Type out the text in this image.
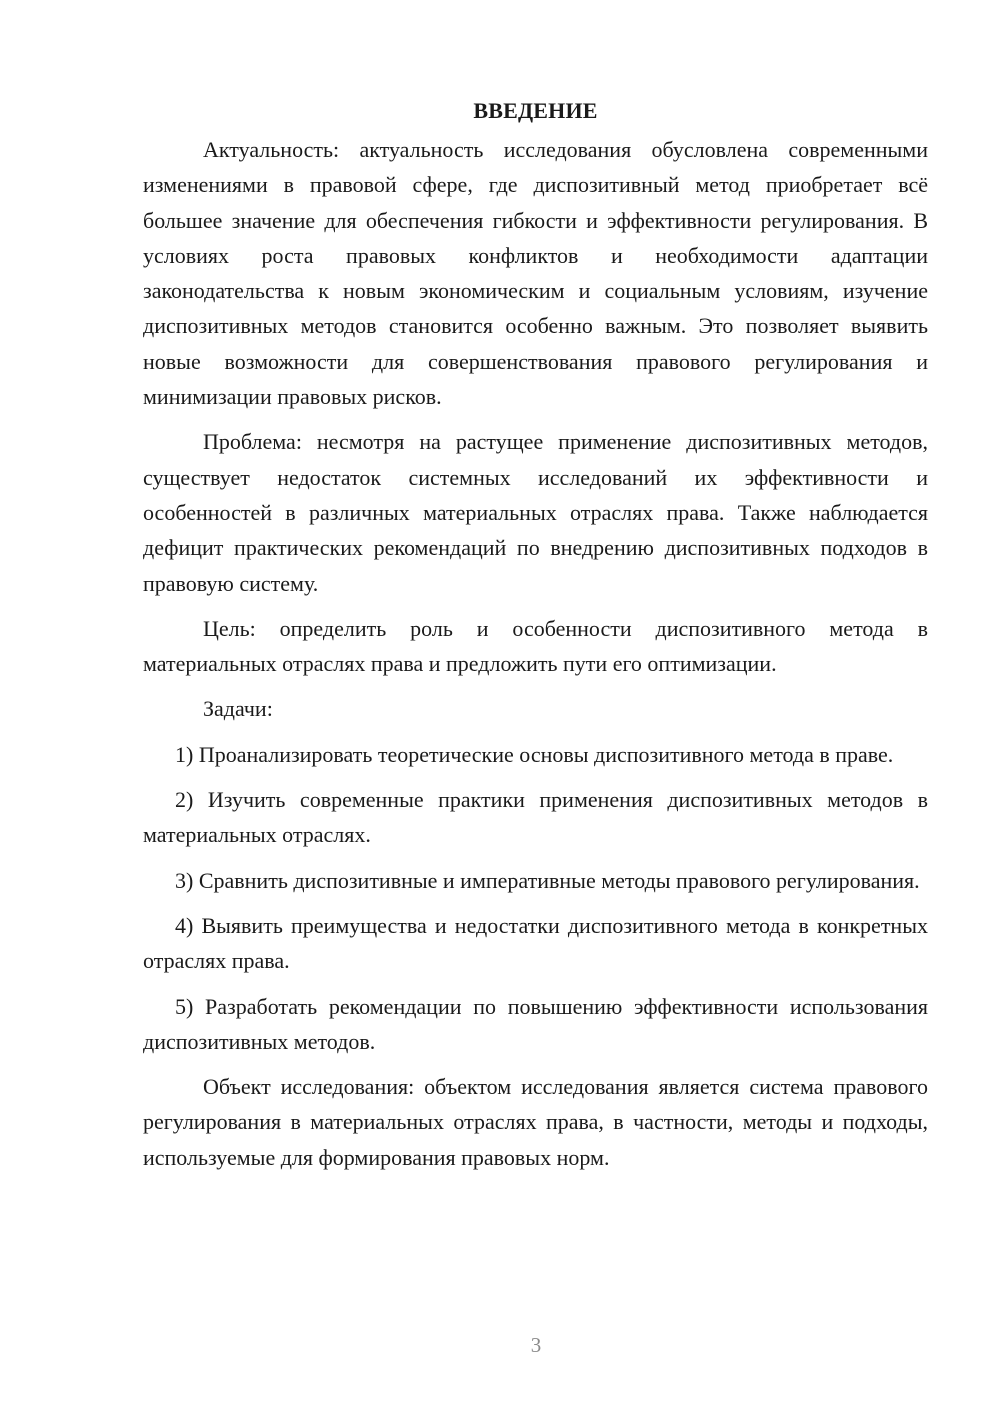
ВВЕДЕНИЕ

Актуальность: актуальность исследования обусловлена современными изменениями в правовой сфере, где диспозитивный метод приобретает всё большее значение для обеспечения гибкости и эффективности регулирования. В условиях роста правовых конфликтов и необходимости адаптации законодательства к новым экономическим и социальным условиям, изучение диспозитивных методов становится особенно важным. Это позволяет выявить новые возможности для совершенствования правового регулирования и минимизации правовых рисков.

Проблема: несмотря на растущее применение диспозитивных методов, существует недостаток системных исследований их эффективности и особенностей в различных материальных отраслях права. Также наблюдается дефицит практических рекомендаций по внедрению диспозитивных подходов в правовую систему.

Цель: определить роль и особенности диспозитивного метода в материальных отраслях права и предложить пути его оптимизации.

Задачи:

1) Проанализировать теоретические основы диспозитивного метода в праве.

2) Изучить современные практики применения диспозитивных методов в материальных отраслях.

3) Сравнить диспозитивные и императивные методы правового регулирования.

4) Выявить преимущества и недостатки диспозитивного метода в конкретных отраслях права.

5) Разработать рекомендации по повышению эффективности использования диспозитивных методов.

Объект исследования: объектом исследования является система правового регулирования в материальных отраслях права, в частности, методы и подходы, используемые для формирования правовых норм.

3
